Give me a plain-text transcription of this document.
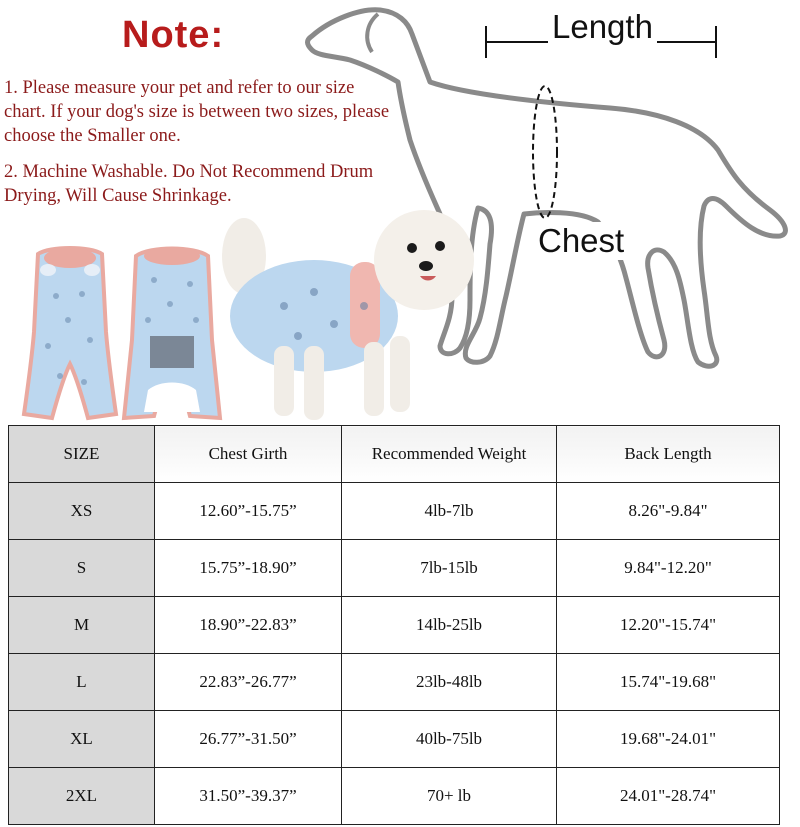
Note:
1. Please measure your pet and refer to our size chart. If your dog's size is between two sizes, please choose the Smaller one.
2. Machine Washable. Do Not Recommend Drum Drying, Will Cause Shrinkage.
Length
Chest
SIZE	Chest Girth	Recommended Weight	Back Length
XS	12.60”-15.75”	4lb-7lb	8.26"-9.84"
S	15.75”-18.90”	7lb-15lb	9.84"-12.20"
M	18.90”-22.83”	14lb-25lb	12.20"-15.74"
L	22.83”-26.77”	23lb-48lb	15.74"-19.68"
XL	26.77”-31.50”	40lb-75lb	19.68"-24.01"
2XL	31.50”-39.37”	70+ lb	24.01"-28.74"
